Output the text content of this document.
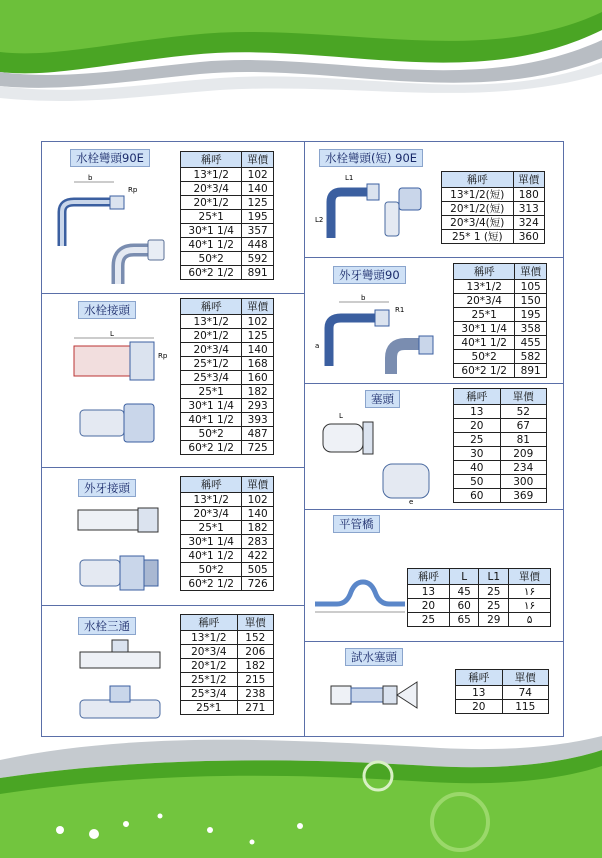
水栓彎頭90E
b
Rp
稱呼	單價
13*1/2	102
20*3/4	140
20*1/2	125
25*1	195
30*1 1/4	357
40*1 1/2	448
50*2	592
60*2 1/2	891
水栓接頭
L
Rp
稱呼	單價
13*1/2	102
20*1/2	125
20*3/4	140
25*1/2	168
25*3/4	160
25*1	182
30*1 1/4	293
40*1 1/2	393
50*2	487
60*2 1/2	725
外牙接頭	稱呼	單價
13*1/2	102
20*3/4	140
25*1	182
30*1 1/4	283
40*1 1/2	422
50*2	505
60*2 1/2	726
水栓三通	稱呼	單價
13*1/2	152
20*3/4	206
20*1/2	182
25*1/2	215
25*3/4	238
25*1	271
水栓彎頭(短) 90E
L1
L2
稱呼	單價
13*1/2(短)	180
20*1/2(短)	313
20*3/4(短)	324
25* 1 (短)	360
外牙彎頭90
b
R1
a
稱呼	單價
13*1/2	105
20*3/4	150
25*1	195
30*1 1/4	358
40*1 1/2	455
50*2	582
60*2 1/2	891
塞頭
L
e
稱呼	單價
13	52
20	67
25	81
30	209
40	234
50	300
60	369
平管橋
稱呼	L	L1	單價
13	45	25	۱۶
20	60	25	۱۶
25	65	29	۵
試水塞頭
稱呼	單價
13	74
20	115
